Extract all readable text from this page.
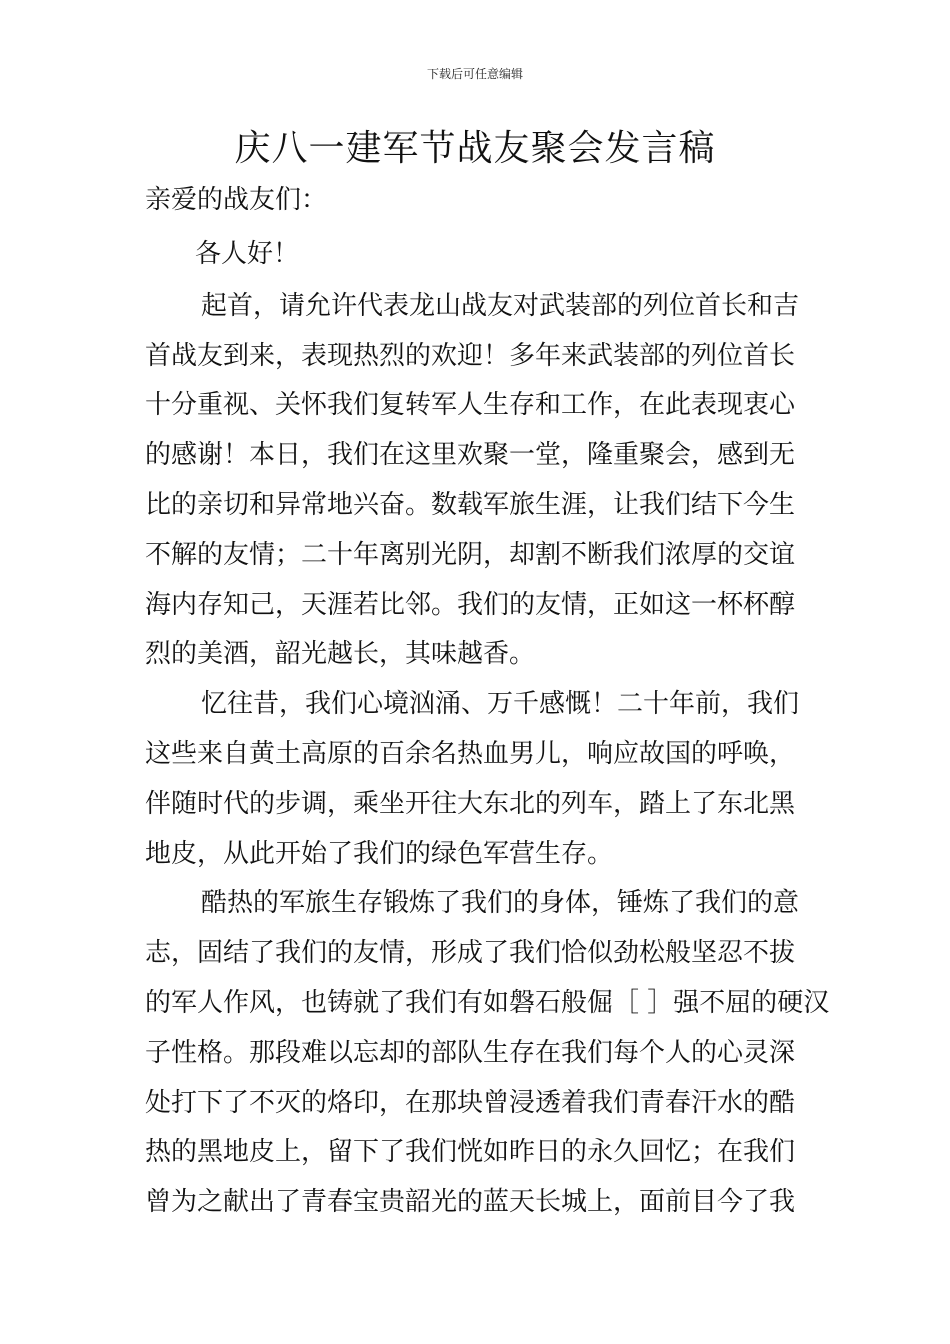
下载后可任意编辑
庆八一建军节战友聚会发言稿
亲爱的战友们：
各人好！
起首，请允许代表龙山战友对武装部的列位首长和吉
首战友到来，表现热烈的欢迎！多年来武装部的列位首长
十分重视、关怀我们复转军人生存和工作，在此表现衷心
的感谢！本日，我们在这里欢聚一堂，隆重聚会，感到无
比的亲切和异常地兴奋。数载军旅生涯，让我们结下今生
不解的友情；二十年离别光阴，却割不断我们浓厚的交谊
海内存知己，天涯若比邻。我们的友情，正如这一杯杯醇
烈的美酒，韶光越长，其味越香。
忆往昔，我们心境汹涌、万千感慨！二十年前，我们
这些来自黄土高原的百余名热血男儿，响应故国的呼唤，
伴随时代的步调，乘坐开往大东北的列车，踏上了东北黑
地皮，从此开始了我们的绿色军营生存。
酷热的军旅生存锻炼了我们的身体，锤炼了我们的意
志，固结了我们的友情，形成了我们恰似劲松般坚忍不拔
的军人作风，也铸就了我们有如磐石般倔［ ］强不屈的硬汉
子性格。那段难以忘却的部队生存在我们每个人的心灵深
处打下了不灭的烙印，在那块曾浸透着我们青春汗水的酷
热的黑地皮上，留下了我们恍如昨日的永久回忆；在我们
曾为之献出了青春宝贵韶光的蓝天长城上，面前目今了我
